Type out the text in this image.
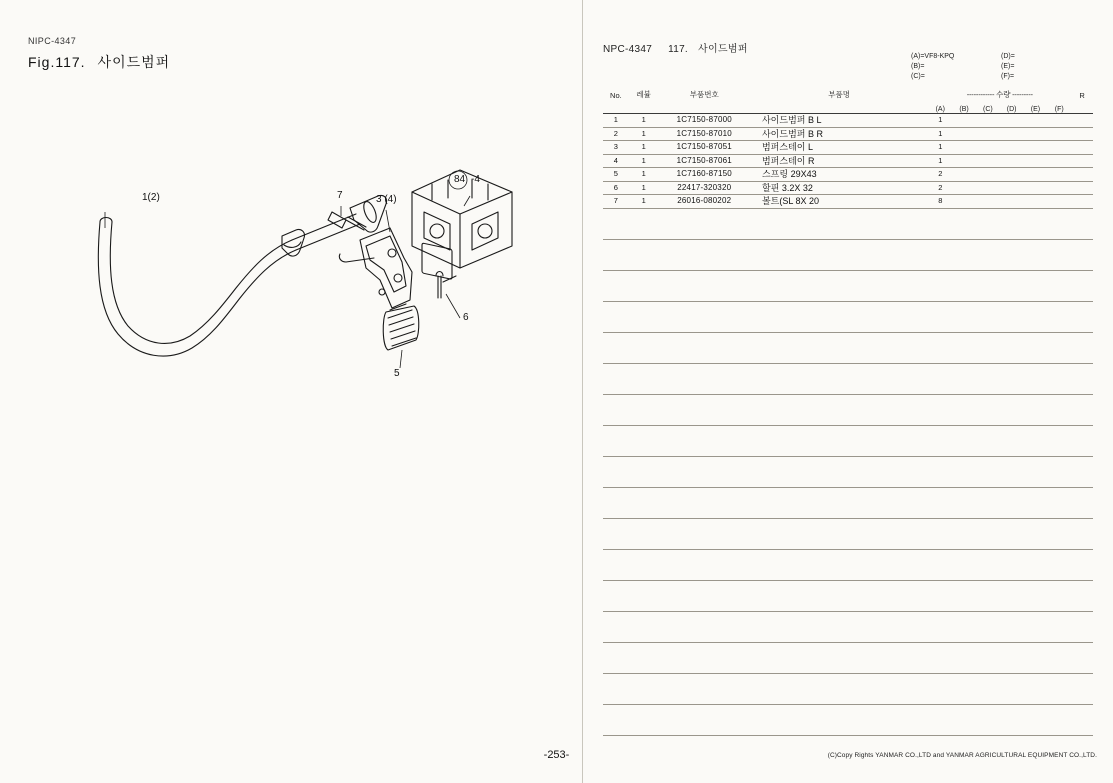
NIPC-4347
Fig.117. 사이드범퍼
1(2)	7	3 (4)
84 -4
6
5
NPC-4347 117. 사이드범퍼
(A)=VF8-KPQ
(B)=
(C)=
(D)=
(E)=
(F)=
No.	레뷸	부품번호	부품명	------------ 수량 ---------						R
				(A)	(B)	(C)	(D)	(E)	(F)	
1	1	1C7150-87000	사이드범퍼 B L	1						
2	1	1C7150-87010	사이드범퍼 B R	1						
3	1	1C7150-87051	범퍼스테이 L	1						
4	1	1C7150-87061	범퍼스테이 R	1						
5	1	1C7160-87150	스프링 29X43	2						
6	1	22417-320320	할핀 3.2X 32	2						
7	1	26016-080202	볼트(SL 8X 20	8						

(C)Copy Rights YANMAR CO.,LTD and YANMAR AGRICULTURAL EQUIPMENT CO.,LTD.
-253-
